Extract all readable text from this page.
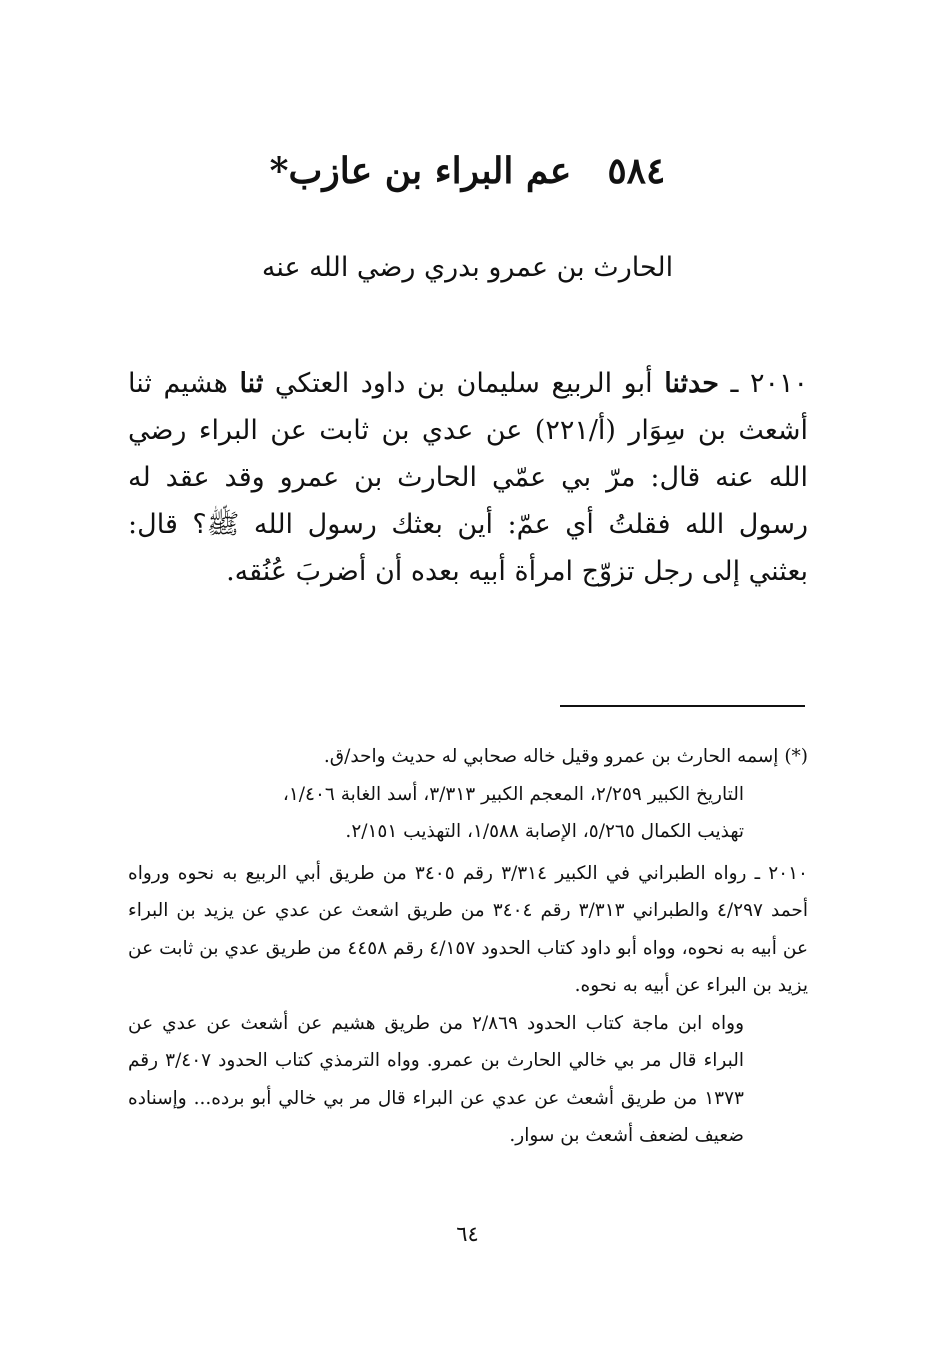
٥٨٤عم البراء بن عازب*
الحارث بن عمرو بدري رضي الله عنه
٢٠١٠ ـ حدثنا أبو الربيع سليمان بن داود العتكي ثنا هشيم ثنا أشعث بن سِوَار (أ/٢٢١) عن عدي بن ثابت عن البراء رضي الله عنه قال: مرّ بي عمّي الحارث بن عمرو وقد عقد له رسول الله فقلتُ أي عمّ: أين بعثك رسول الله ﷺ؟ قال: بعثني إلى رجل تزوّج امرأة أبيه بعده أن أضربَ عُنُقه.
(*) إسمه الحارث بن عمرو وقيل خاله صحابي له حديث واحد/ق.
التاريخ الكبير ٢/٢٥٩، المعجم الكبير ٣/٣١٣، أسد الغابة ١/٤٠٦،
تهذيب الكمال ٥/٢٦٥، الإصابة ١/٥٨٨، التهذيب ٢/١٥١.
٢٠١٠ ـ رواه الطبراني في الكبير ٣/٣١٤ رقم ٣٤٠٥ من طريق أبي الربيع به نحوه ورواه أحمد ٤/٢٩٧ والطبراني ٣/٣١٣ رقم ٣٤٠٤ من طريق اشعث عن عدي عن يزيد بن البراء عن أبيه به نحوه، وواه أبو داود كتاب الحدود ٤/١٥٧ رقم ٤٤٥٨ من طريق عدي بن ثابت عن يزيد بن البراء عن أبيه به نحوه.
وواه ابن ماجة كتاب الحدود ٢/٨٦٩ من طريق هشيم عن أشعث عن عدي عن البراء قال مر بي خالي الحارث بن عمرو. وواه الترمذي كتاب الحدود ٣/٤٠٧ رقم ١٣٧٣ من طريق أشعث عن عدي عن البراء قال مر بي خالي أبو برده... وإسناده ضعيف لضعف أشعث بن سوار.
٦٤
